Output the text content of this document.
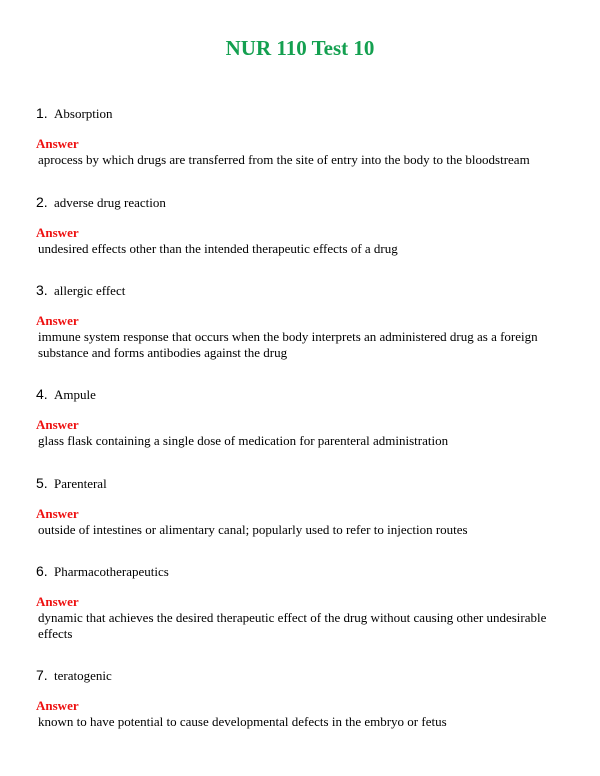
NUR 110 Test 10
1. Absorption
Answer
aprocess by which drugs are transferred from the site of entry into the body to the bloodstream
2. adverse drug reaction
Answer
undesired effects other than the intended therapeutic effects of a drug
3. allergic effect
Answer
immune system response that occurs when the body interprets an administered drug as a foreign substance and forms antibodies against the drug
4. Ampule
Answer
glass flask containing a single dose of medication for parenteral administration
5. Parenteral
Answer
outside of intestines or alimentary canal; popularly used to refer to injection routes
6. Pharmacotherapeutics
Answer
dynamic that achieves the desired therapeutic effect of the drug without causing other undesirable effects
7. teratogenic
Answer
known to have potential to cause developmental defects in the embryo or fetus
